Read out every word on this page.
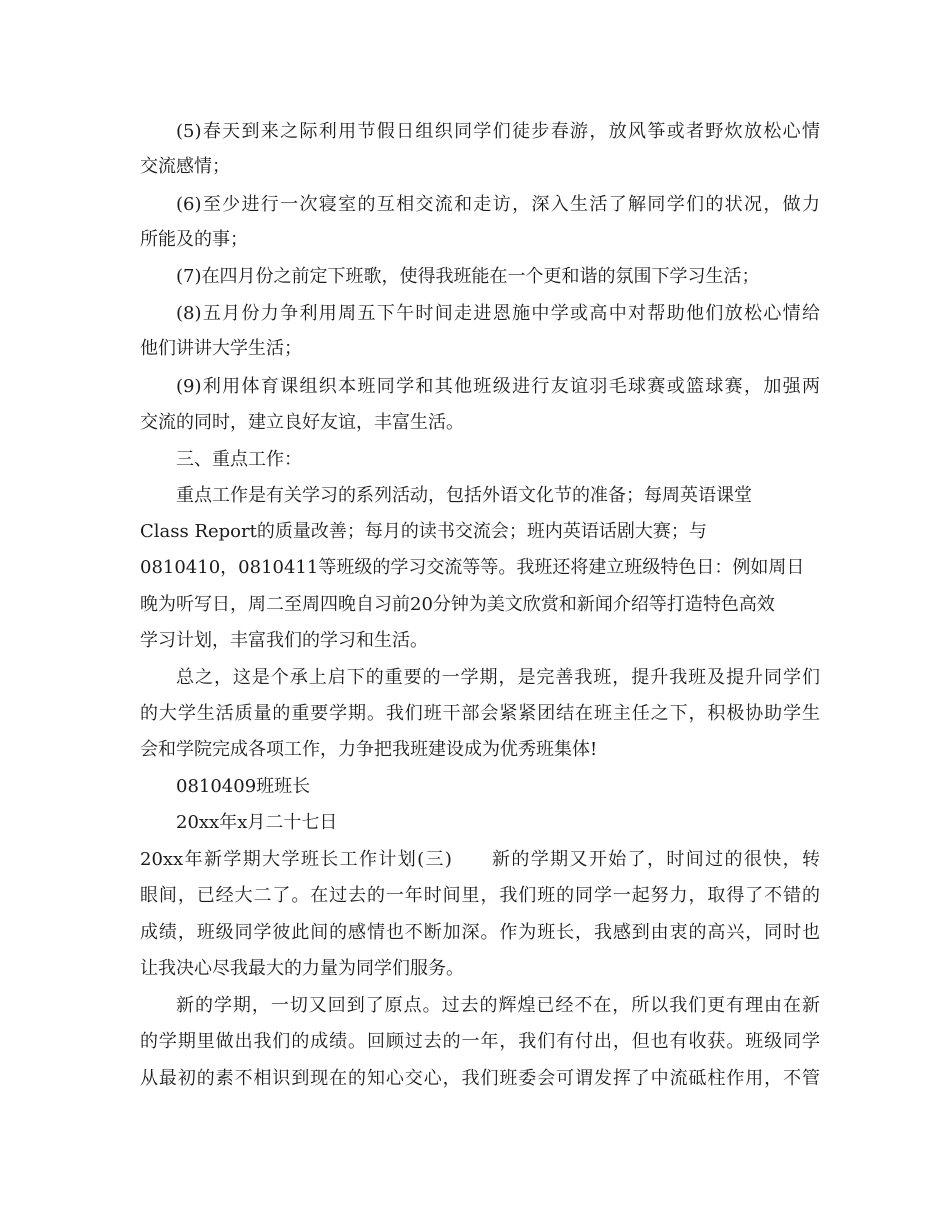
(5)春天到来之际利用节假日组织同学们徒步春游，放风筝或者野炊放松心情
交流感情；
(6)至少进行一次寝室的互相交流和走访，深入生活了解同学们的状况，做力
所能及的事；
(7)在四月份之前定下班歌，使得我班能在一个更和谐的氛围下学习生活；
(8)五月份力争利用周五下午时间走进恩施中学或高中对帮助他们放松心情给
他们讲讲大学生活；
(9)利用体育课组织本班同学和其他班级进行友谊羽毛球赛或篮球赛，加强两
交流的同时，建立良好友谊，丰富生活。
三、重点工作：
重点工作是有关学习的系列活动，包括外语文化节的准备；每周英语课堂
Class Report的质量改善；每月的读书交流会；班内英语话剧大赛；与
0810410，0810411等班级的学习交流等等。我班还将建立班级特色日：例如周日
晚为听写日，周二至周四晚自习前20分钟为美文欣赏和新闻介绍等打造特色高效
学习计划，丰富我们的学习和生活。
总之，这是个承上启下的重要的一学期，是完善我班，提升我班及提升同学们
的大学生活质量的重要学期。我们班干部会紧紧团结在班主任之下，积极协助学生
会和学院完成各项工作，力争把我班建设成为优秀班集体!
0810409班班长
20xx年x月二十七日
20xx年新学期大学班长工作计划(三)　　新的学期又开始了，时间过的很快，转
眼间，已经大二了。在过去的一年时间里，我们班的同学一起努力，取得了不错的
成绩，班级同学彼此间的感情也不断加深。作为班长，我感到由衷的高兴，同时也
让我决心尽我最大的力量为同学们服务。
新的学期，一切又回到了原点。过去的辉煌已经不在，所以我们更有理由在新
的学期里做出我们的成绩。回顾过去的一年，我们有付出，但也有收获。班级同学
从最初的素不相识到现在的知心交心，我们班委会可谓发挥了中流砥柱作用，不管
